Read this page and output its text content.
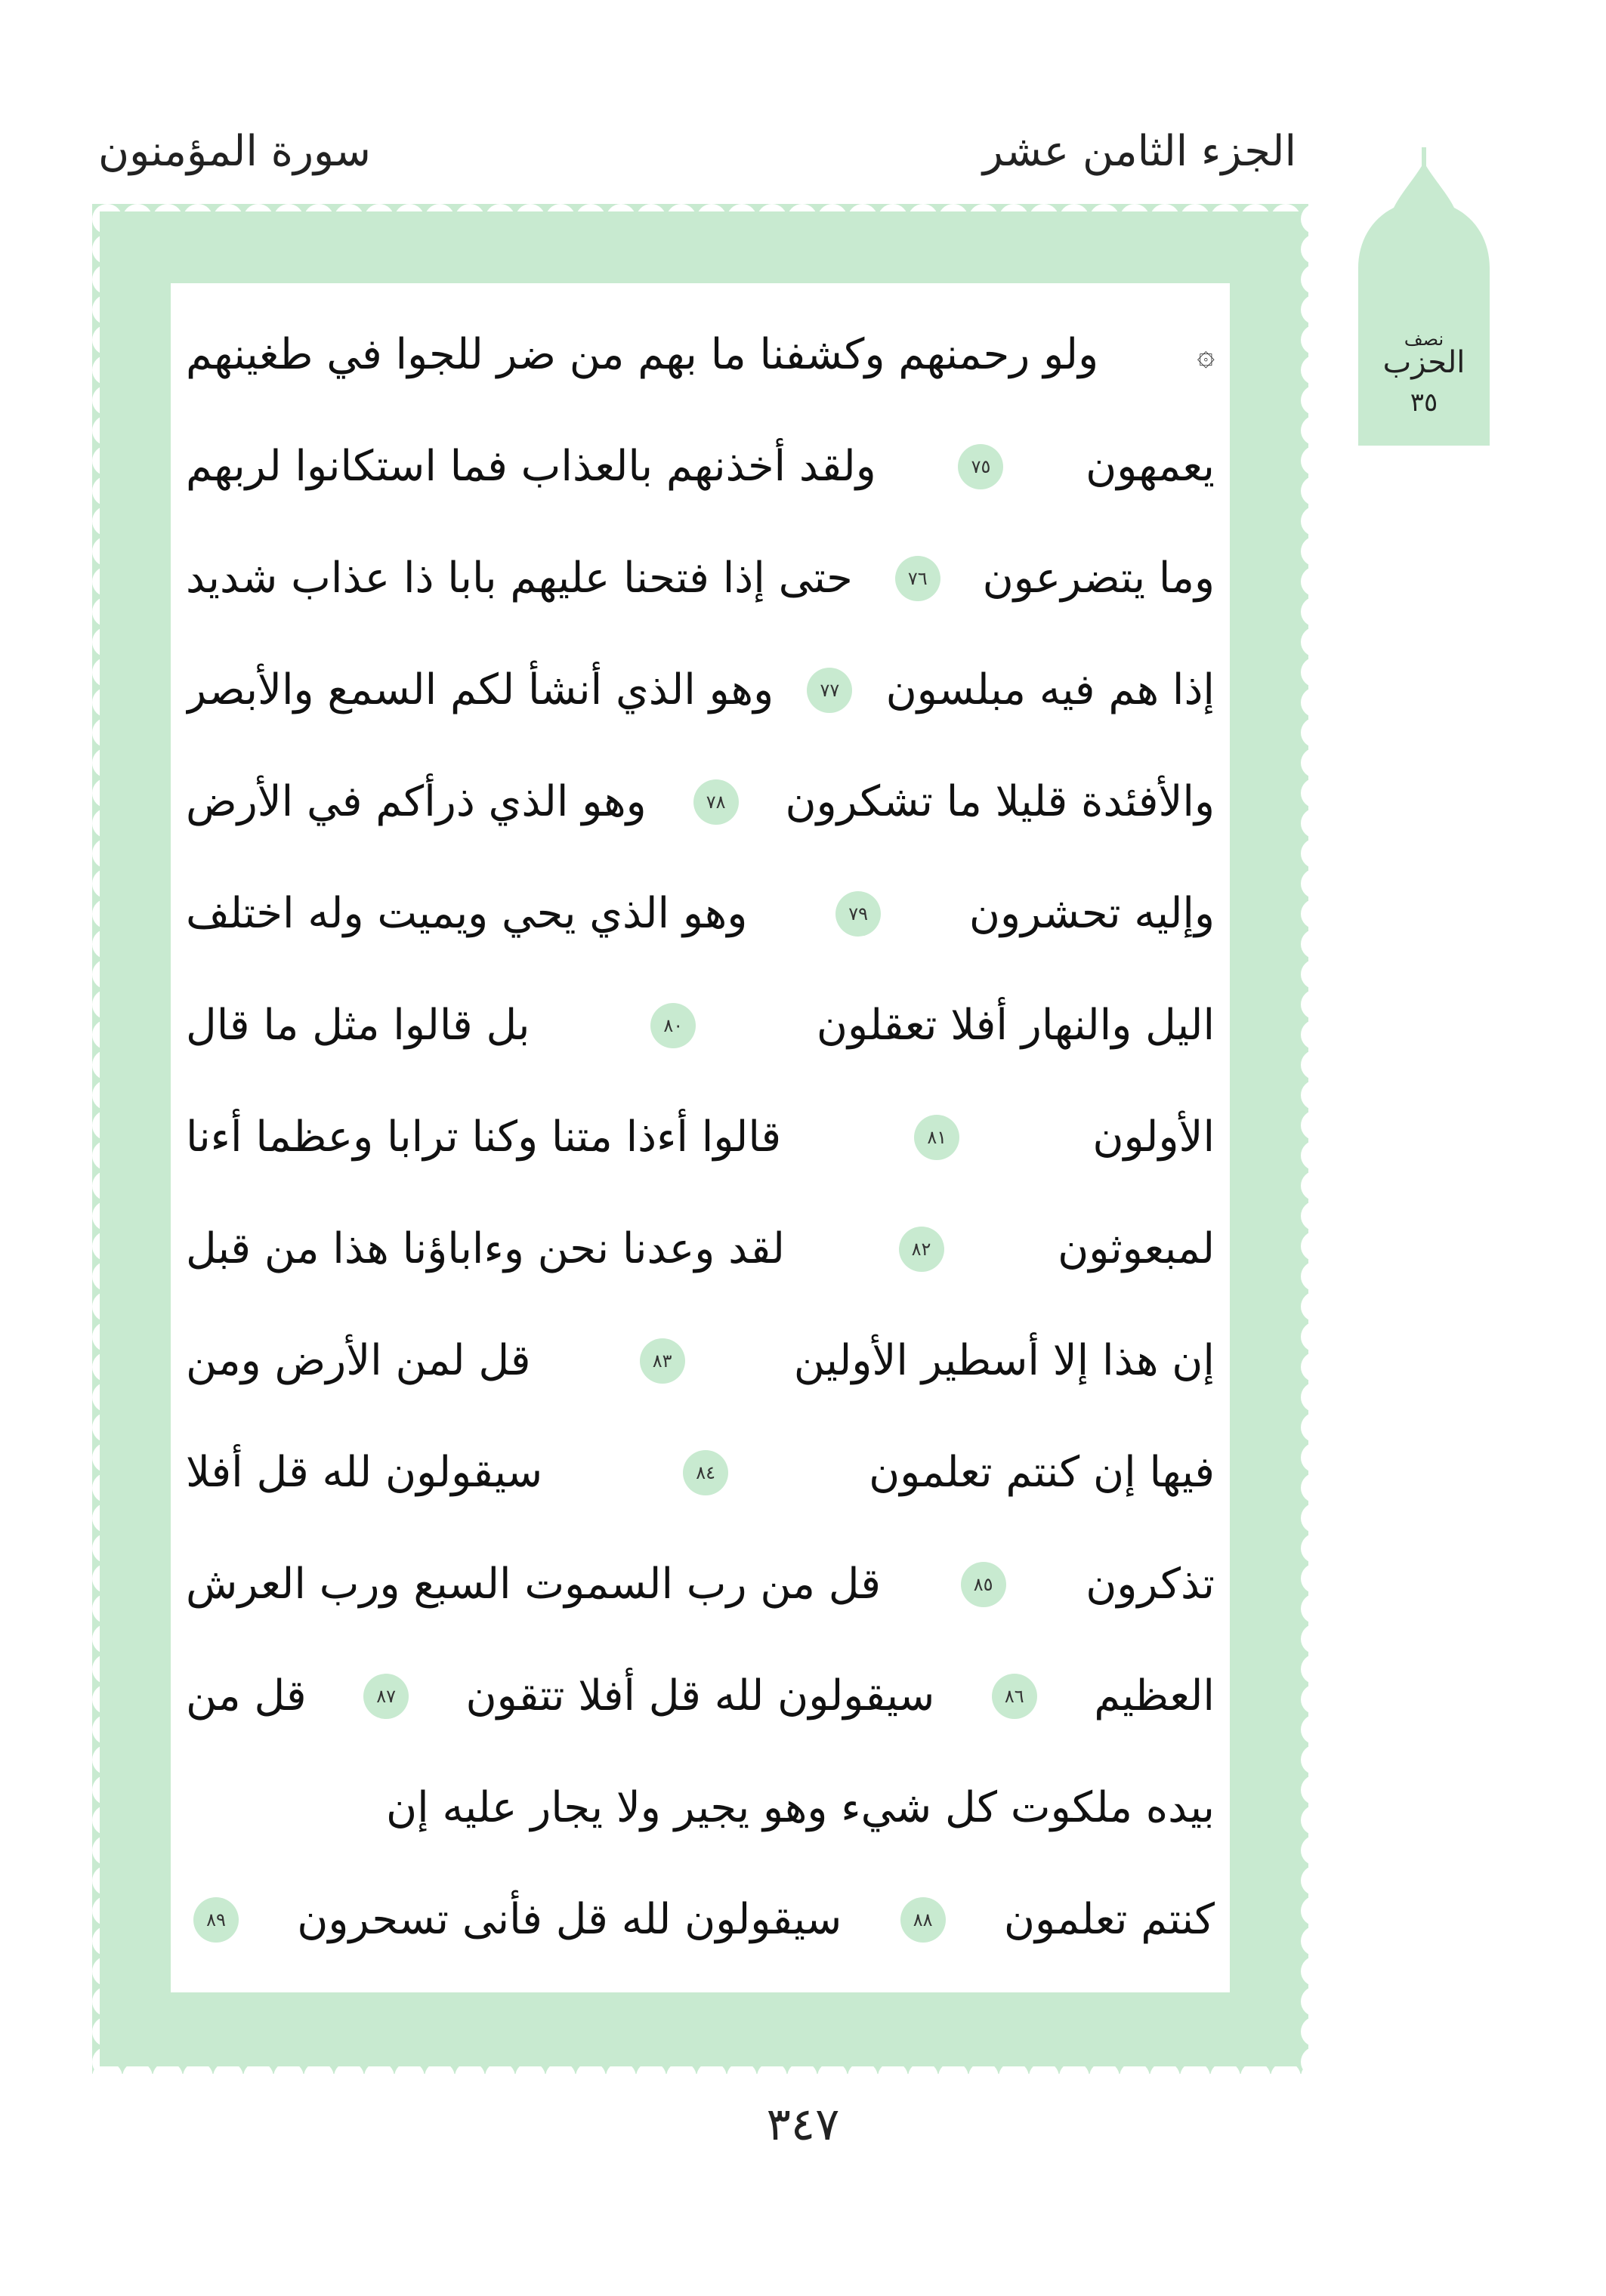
الجزء الثامن عشر
سورة المؤمنون
نصف
الحزب
٣٥
۞
ولو رحمنهم وكشفنا ما بهم من ضر للجوا في طغينهم
يعمهون
٧٥
ولقد أخذنهم بالعذاب فما استكانوا لربهم
وما يتضرعون
٧٦
حتى إذا فتحنا عليهم بابا ذا عذاب شديد
إذا هم فيه مبلسون
٧٧
وهو الذي أنشأ لكم السمع والأبصر
والأفئدة قليلا ما تشكرون
٧٨
وهو الذي ذرأكم في الأرض
وإليه تحشرون
٧٩
وهو الذي يحي ويميت وله اختلف
اليل والنهار أفلا تعقلون
٨٠
بل قالوا مثل ما قال
الأولون
٨١
قالوا أءذا متنا وكنا ترابا وعظما أءنا
لمبعوثون
٨٢
لقد وعدنا نحن وءاباؤنا هذا من قبل
إن هذا إلا أسطير الأولين
٨٣
قل لمن الأرض ومن
فيها إن كنتم تعلمون
٨٤
سيقولون لله قل أفلا
تذكرون
٨٥
قل من رب السموت السبع ورب العرش
العظيم
٨٦
سيقولون لله قل أفلا تتقون
٨٧
قل من
بيده ملكوت كل شيء وهو يجير ولا يجار عليه إن
كنتم تعلمون
٨٨
سيقولون لله قل فأنى تسحرون
٨٩
٣٤٧
